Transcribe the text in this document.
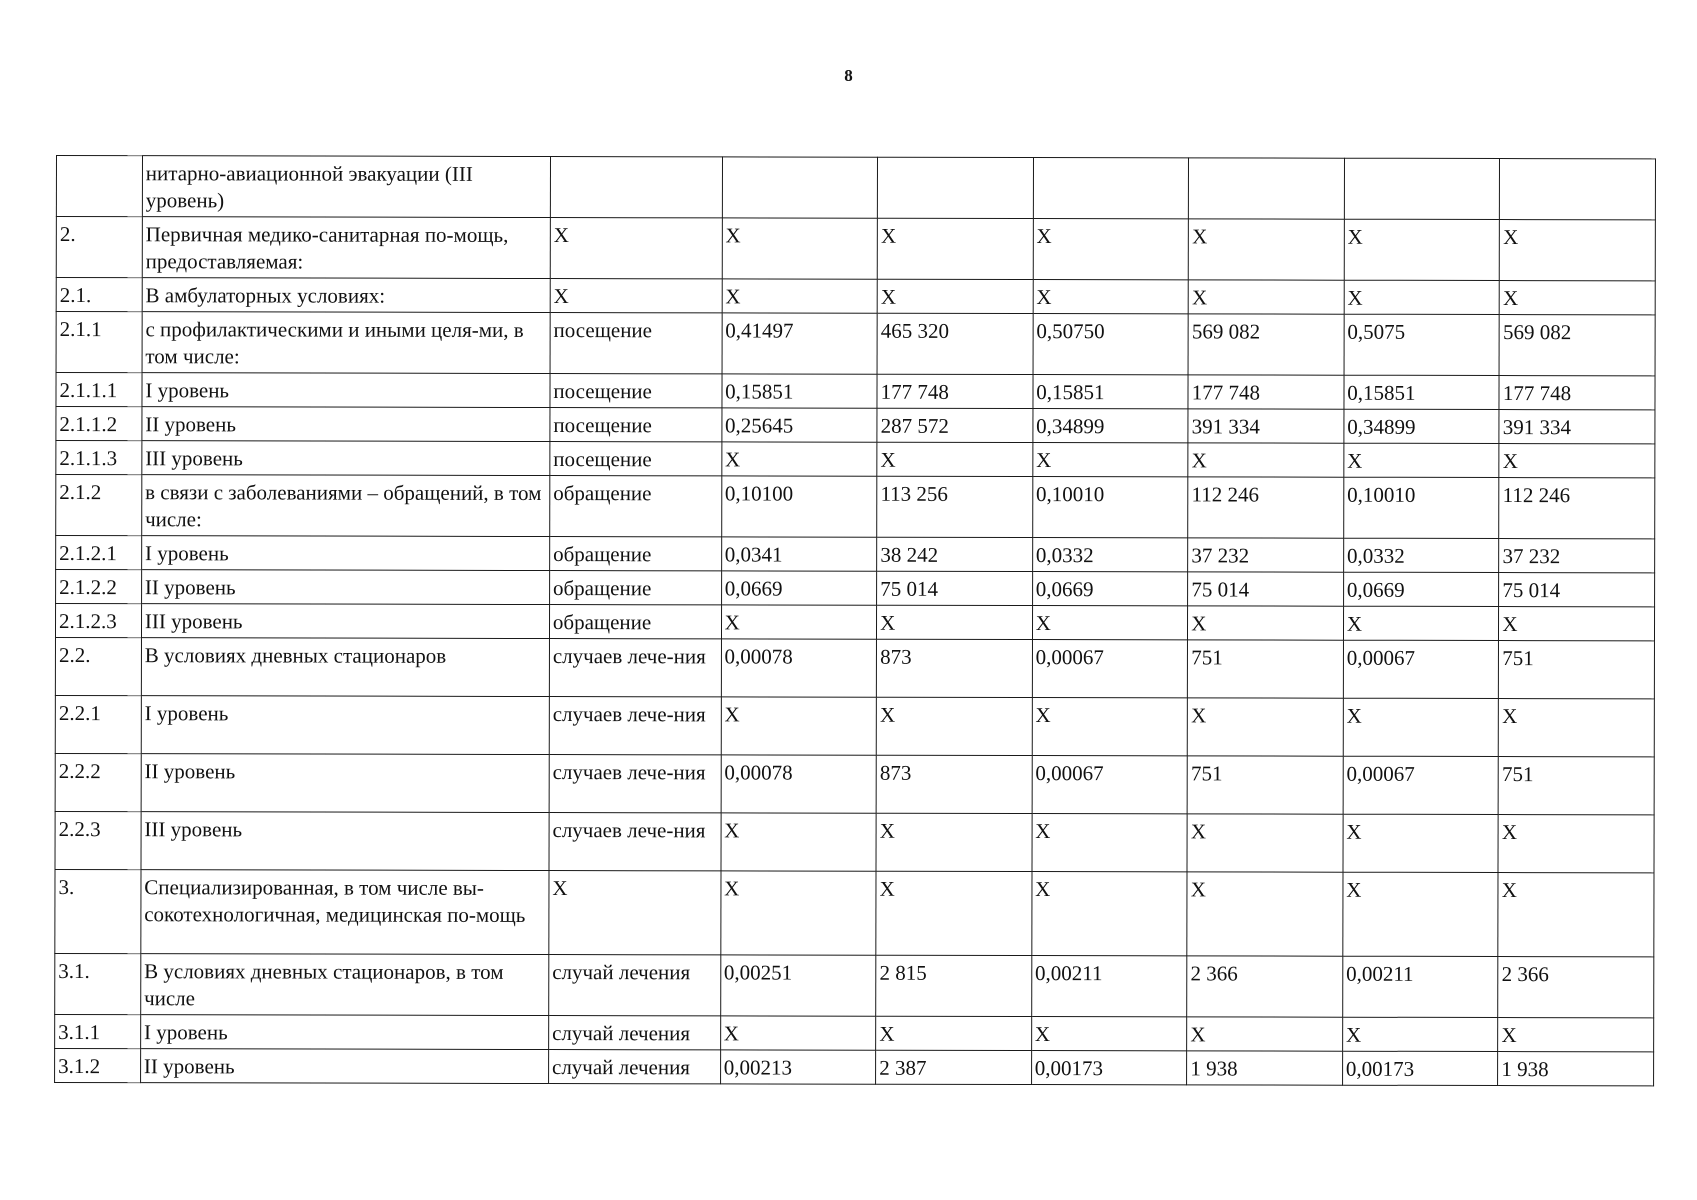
8
	нитарно-авиационной эвакуации (III уровень)							
2.	Первичная медико-санитарная по-мощь, предоставляемая:	Х	Х	Х	Х	Х	Х	Х
2.1.	В амбулаторных условиях:	Х	Х	Х	Х	Х	Х	Х
2.1.1	с профилактическими и иными целя-ми, в том числе:	посещение	0,41497	465 320	0,50750	569 082	0,5075	569 082
2.1.1.1	I уровень	посещение	0,15851	177 748	0,15851	177 748	0,15851	177 748
2.1.1.2	II уровень	посещение	0,25645	287 572	0,34899	391 334	0,34899	391 334
2.1.1.3	III уровень	посещение	Х	Х	Х	Х	Х	Х
2.1.2	в связи с заболеваниями – обращений, в том числе:	обращение	0,10100	113 256	0,10010	112 246	0,10010	112 246
2.1.2.1	I уровень	обращение	0,0341	38 242	0,0332	37 232	0,0332	37 232
2.1.2.2	II уровень	обращение	0,0669	75 014	0,0669	75 014	0,0669	75 014
2.1.2.3	III уровень	обращение	Х	Х	Х	Х	Х	Х
2.2.	В условиях дневных стационаров	случаев лече-ния	0,00078	873	0,00067	751	0,00067	751
2.2.1	I уровень	случаев лече-ния	Х	Х	Х	Х	Х	Х
2.2.2	II уровень	случаев лече-ния	0,00078	873	0,00067	751	0,00067	751
2.2.3	III уровень	случаев лече-ния	Х	Х	Х	Х	Х	Х
3.	Специализированная, в том числе вы-сокотехнологичная, медицинская по-мощь	Х	Х	Х	Х	Х	Х	Х
3.1.	В условиях дневных стационаров, в том числе	случай лечения	0,00251	2 815	0,00211	2 366	0,00211	2 366
3.1.1	I уровень	случай лечения	Х	Х	Х	Х	Х	Х
3.1.2	II уровень	случай лечения	0,00213	2 387	0,00173	1 938	0,00173	1 938
